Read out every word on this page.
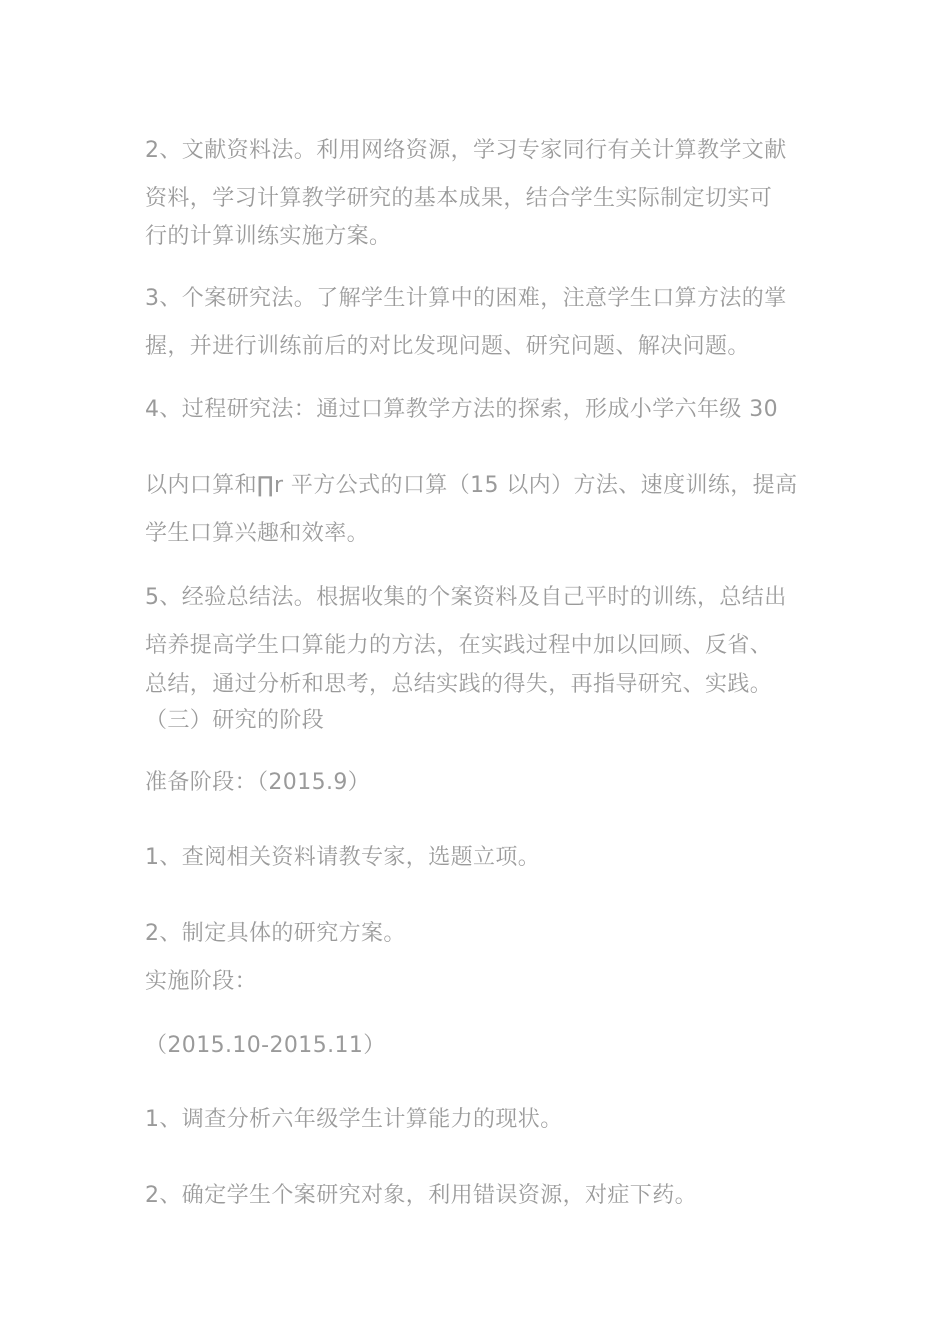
2、文献资料法。利用网络资源，学习专家同行有关计算教学文献
资料，学习计算教学研究的基本成果，结合学生实际制定切实可
行的计算训练实施方案。
3、个案研究法。了解学生计算中的困难，注意学生口算方法的掌
握，并进行训练前后的对比发现问题、研究问题、解决问题。
4、过程研究法：通过口算教学方法的探索，形成小学六年级 30
以内口算和∏r 平方公式的口算（15 以内）方法、速度训练，提高
学生口算兴趣和效率。
5、经验总结法。根据收集的个案资料及自己平时的训练，总结出
培养提高学生口算能力的方法，在实践过程中加以回顾、反省、
总结，通过分析和思考，总结实践的得失，再指导研究、实践。
（三）研究的阶段
准备阶段：（2015.9）
1、查阅相关资料请教专家，选题立项。
2、制定具体的研究方案。
实施阶段：
（2015.10-2015.11）
1、调查分析六年级学生计算能力的现状。
2、确定学生个案研究对象，利用错误资源，对症下药。
